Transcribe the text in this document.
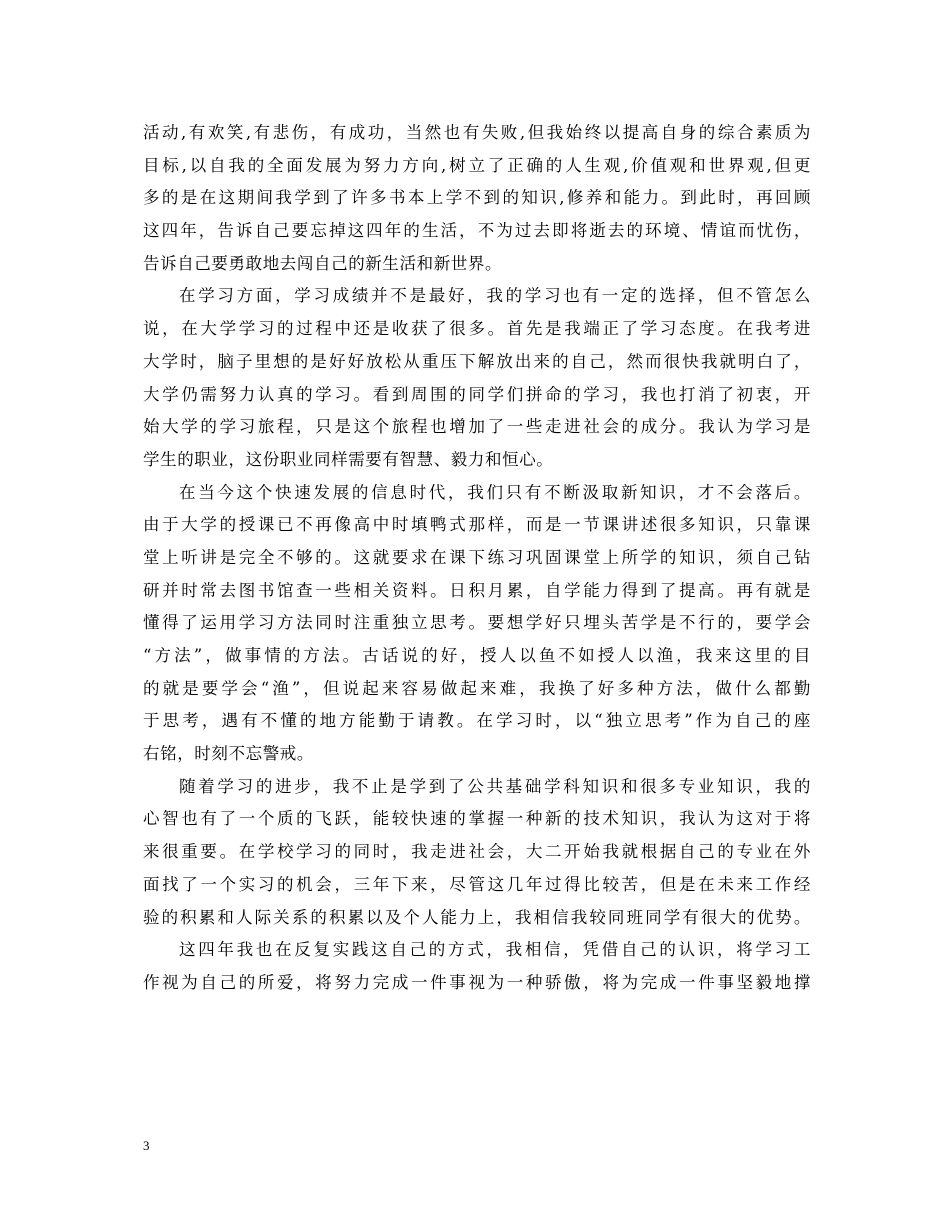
活动,有欢笑,有悲伤，有成功，当然也有失败,但我始终以提高自身的综合素质为
目标,以自我的全面发展为努力方向,树立了正确的人生观,价值观和世界观,但更
多的是在这期间我学到了许多书本上学不到的知识,修养和能力。到此时，再回顾
这四年，告诉自己要忘掉这四年的生活，不为过去即将逝去的环境、情谊而忧伤，
告诉自己要勇敢地去闯自己的新生活和新世界。
在学习方面，学习成绩并不是最好，我的学习也有一定的选择，但不管怎么
说，在大学学习的过程中还是收获了很多。首先是我端正了学习态度。在我考进
大学时，脑子里想的是好好放松从重压下解放出来的自己，然而很快我就明白了，
大学仍需努力认真的学习。看到周围的同学们拼命的学习，我也打消了初衷，开
始大学的学习旅程，只是这个旅程也增加了一些走进社会的成分。我认为学习是
学生的职业，这份职业同样需要有智慧、毅力和恒心。
在当今这个快速发展的信息时代，我们只有不断汲取新知识，才不会落后。
由于大学的授课已不再像高中时填鸭式那样，而是一节课讲述很多知识，只靠课
堂上听讲是完全不够的。这就要求在课下练习巩固课堂上所学的知识，须自己钻
研并时常去图书馆查一些相关资料。日积月累，自学能力得到了提高。再有就是
懂得了运用学习方法同时注重独立思考。要想学好只埋头苦学是不行的，要学会
“方法”，做事情的方法。古话说的好，授人以鱼不如授人以渔，我来这里的目
的就是要学会“渔”，但说起来容易做起来难，我换了好多种方法，做什么都勤
于思考，遇有不懂的地方能勤于请教。在学习时，以“独立思考”作为自己的座
右铭，时刻不忘警戒。
随着学习的进步，我不止是学到了公共基础学科知识和很多专业知识，我的
心智也有了一个质的飞跃，能较快速的掌握一种新的技术知识，我认为这对于将
来很重要。在学校学习的同时，我走进社会，大二开始我就根据自己的专业在外
面找了一个实习的机会，三年下来，尽管这几年过得比较苦，但是在未来工作经
验的积累和人际关系的积累以及个人能力上，我相信我较同班同学有很大的优势。
这四年我也在反复实践这自己的方式，我相信，凭借自己的认识，将学习工
作视为自己的所爱，将努力完成一件事视为一种骄傲，将为完成一件事坚毅地撑
3
